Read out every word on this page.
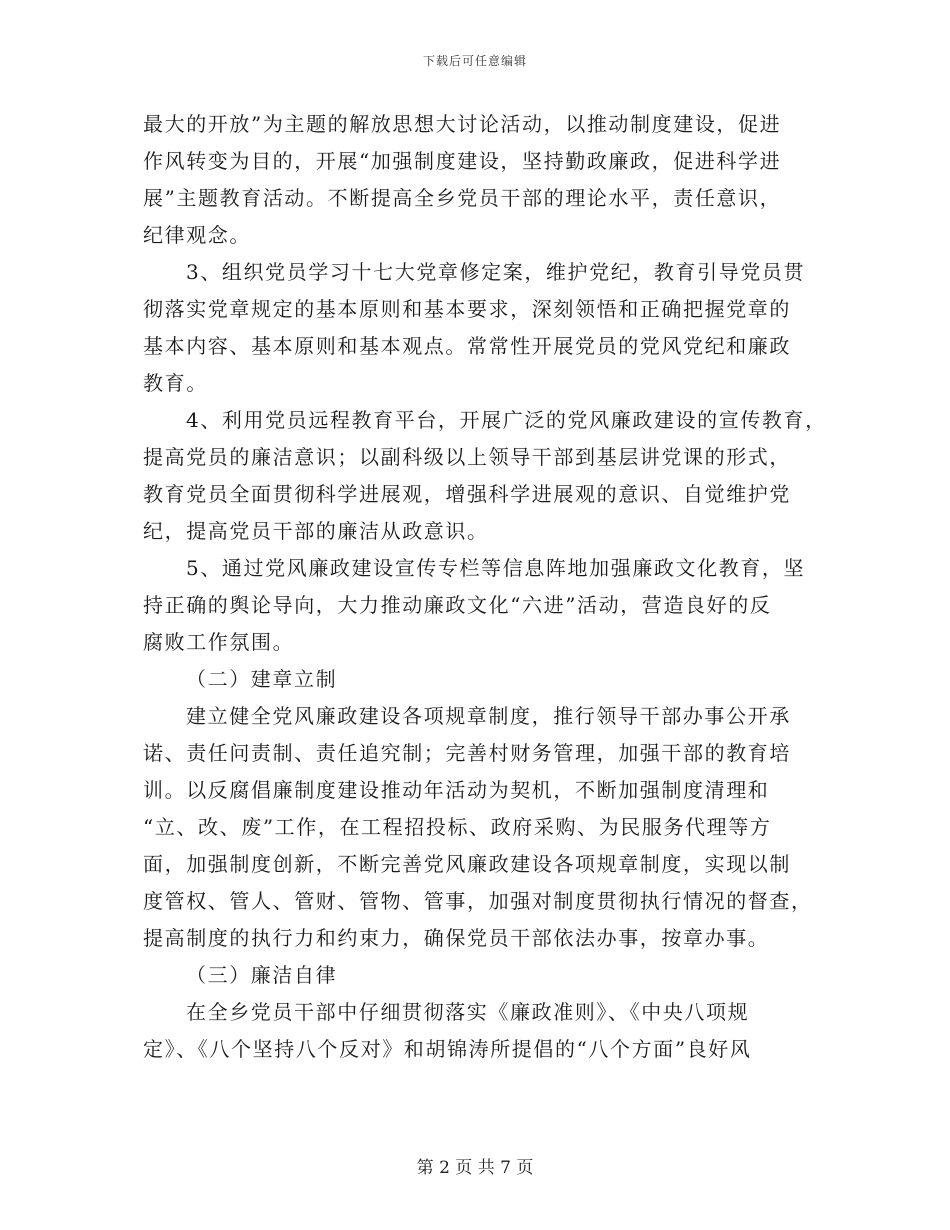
下载后可任意编辑
最大的开放”为主题的解放思想大讨论活动，以推动制度建设，促进
作风转变为目的，开展“加强制度建设，坚持勤政廉政，促进科学进
展”主题教育活动。不断提高全乡党员干部的理论水平，责任意识，
纪律观念。
3、组织党员学习十七大党章修定案，维护党纪，教育引导党员贯
彻落实党章规定的基本原则和基本要求，深刻领悟和正确把握党章的
基本内容、基本原则和基本观点。常常性开展党员的党风党纪和廉政
教育。
4、利用党员远程教育平台，开展广泛的党风廉政建设的宣传教育，
提高党员的廉洁意识；以副科级以上领导干部到基层讲党课的形式，
教育党员全面贯彻科学进展观，增强科学进展观的意识、自觉维护党
纪，提高党员干部的廉洁从政意识。
5、通过党风廉政建设宣传专栏等信息阵地加强廉政文化教育，坚
持正确的舆论导向，大力推动廉政文化“六进”活动，营造良好的反
腐败工作氛围。
（二）建章立制
建立健全党风廉政建设各项规章制度，推行领导干部办事公开承
诺、责任问责制、责任追究制；完善村财务管理，加强干部的教育培
训。以反腐倡廉制度建设推动年活动为契机，不断加强制度清理和
“立、改、废”工作，在工程招投标、政府采购、为民服务代理等方
面，加强制度创新，不断完善党风廉政建设各项规章制度，实现以制
度管权、管人、管财、管物、管事，加强对制度贯彻执行情况的督查，
提高制度的执行力和约束力，确保党员干部依法办事，按章办事。
（三）廉洁自律
在全乡党员干部中仔细贯彻落实《廉政准则》、《中央八项规
定》、《八个坚持八个反对》和胡锦涛所提倡的“八个方面”良好风
第 2 页 共 7 页
